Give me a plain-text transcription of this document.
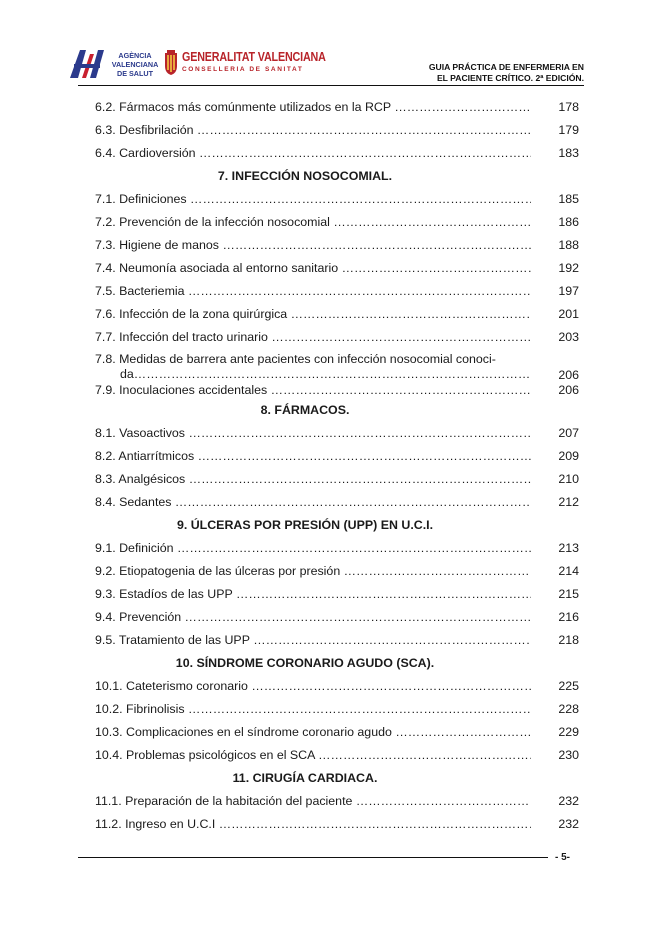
AGÈNCIA
VALENCIANA
DE SALUT
GENERALITAT VALENCIANA
CONSELLERIA DE SANITAT	GUIA PRÁCTICA DE ENFERMERIA EN
EL PACIENTE CRÍTICO. 2ª EDICIÓN.
6.2. Fármacos más comúnmente utilizados en la RCP ………………………………………………………………………………………………………………………………	178
6.3. Desfibrilación ………………………………………………………………………………………………………………………………	179
6.4. Cardioversión ………………………………………………………………………………………………………………………………	183
7. INFECCIÓN NOSOCOMIAL.
7.1. Definiciones ………………………………………………………………………………………………………………………………	185
7.2. Prevención de la infección nosocomial ………………………………………………………………………………………………………………………………	186
7.3. Higiene de manos ………………………………………………………………………………………………………………………………	188
7.4. Neumonía asociada al entorno sanitario ………………………………………………………………………………………………………………………………	192
7.5. Bacteriemia ………………………………………………………………………………………………………………………………	197
7.6. Infección de la zona quirúrgica ………………………………………………………………………………………………………………………………	201
7.7. Infección del tracto urinario ………………………………………………………………………………………………………………………………	203
7.8. Medidas de barrera ante pacientes con infección nosocomial conoci-
da ……………………………………………………………………………………………………………………………………	206
7.9. Inoculaciones accidentales ………………………………………………………………………………………………………………………………	206
8. FÁRMACOS.
8.1. Vasoactivos ………………………………………………………………………………………………………………………………	207
8.2. Antiarrítmicos ………………………………………………………………………………………………………………………………	209
8.3. Analgésicos ………………………………………………………………………………………………………………………………	210
8.4. Sedantes ………………………………………………………………………………………………………………………………	212
9. ÚLCERAS POR PRESIÓN (UPP) EN U.C.I.
9.1. Definición ………………………………………………………………………………………………………………………………	213
9.2. Etiopatogenia de las úlceras por presión ………………………………………………………………………………………………………………………………	214
9.3. Estadíos de las UPP ………………………………………………………………………………………………………………………………	215
9.4. Prevención ………………………………………………………………………………………………………………………………	216
9.5. Tratamiento de las UPP ………………………………………………………………………………………………………………………………	218
10. SÍNDROME CORONARIO AGUDO (SCA).
10.1. Cateterismo coronario ………………………………………………………………………………………………………………………………	225
10.2. Fibrinolisis ………………………………………………………………………………………………………………………………	228
10.3. Complicaciones en el síndrome coronario agudo ………………………………………………………………………………………………………………………………	229
10.4. Problemas psicológicos en el SCA ………………………………………………………………………………………………………………………………	230
11. CIRUGÍA CARDIACA.
11.1. Preparación de la habitación del paciente ………………………………………………………………………………………………………………………………	232
11.2. Ingreso en U.C.I ………………………………………………………………………………………………………………………………	232
- 5-
